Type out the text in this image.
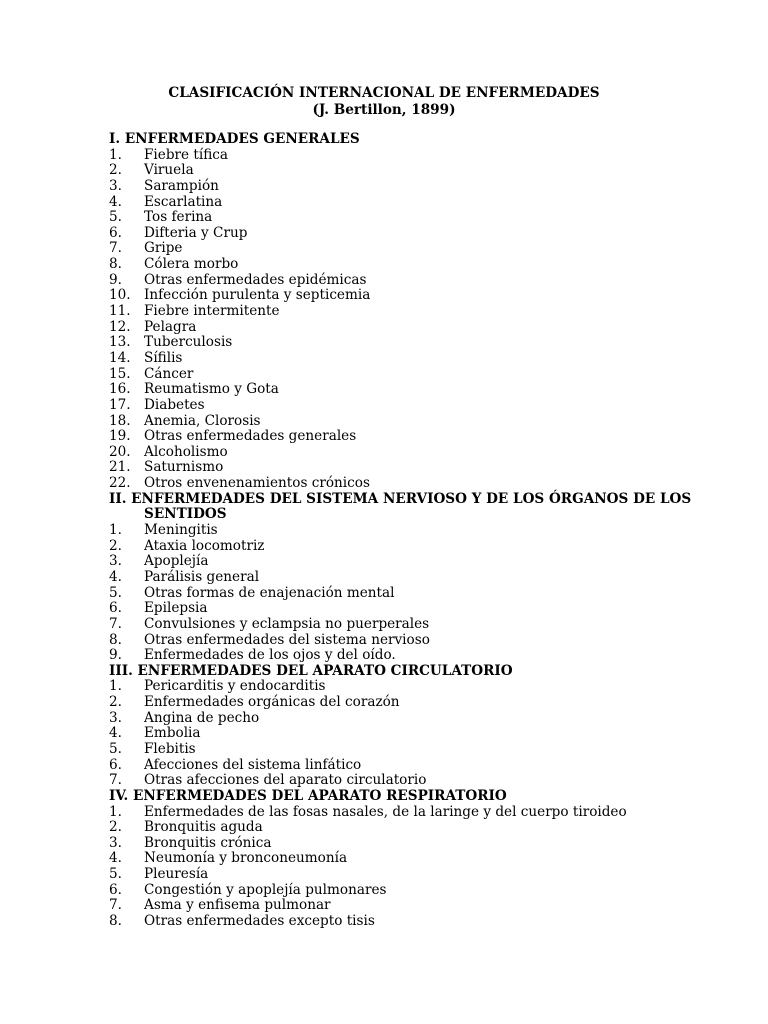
CLASIFICACIÓN INTERNACIONAL DE ENFERMEDADES
(J. Bertillon, 1899)
I. ENFERMEDADES GENERALES
1. Fiebre tífica
2. Viruela
3. Sarampión
4. Escarlatina
5. Tos ferina
6. Difteria y Crup
7. Gripe
8. Cólera morbo
9. Otras enfermedades epidémicas
10. Infección purulenta y septicemia
11. Fiebre intermitente
12. Pelagra
13. Tuberculosis
14. Sífilis
15. Cáncer
16. Reumatismo y Gota
17. Diabetes
18. Anemia, Clorosis
19. Otras enfermedades generales
20. Alcoholismo
21. Saturnismo
22. Otros envenenamientos crónicos
II. ENFERMEDADES DEL SISTEMA NERVIOSO Y DE LOS ÓRGANOS DE LOS
SENTIDOS
1. Meningitis
2. Ataxia locomotriz
3. Apoplejía
4. Parálisis general
5. Otras formas de enajenación mental
6. Epilepsia
7. Convulsiones y eclampsia no puerperales
8. Otras enfermedades del sistema nervioso
9. Enfermedades de los ojos y del oído.
III. ENFERMEDADES DEL APARATO CIRCULATORIO
1. Pericarditis y endocarditis
2. Enfermedades orgánicas del corazón
3. Angina de pecho
4. Embolia
5. Flebitis
6. Afecciones del sistema linfático
7. Otras afecciones del aparato circulatorio
IV. ENFERMEDADES DEL APARATO RESPIRATORIO
1. Enfermedades de las fosas nasales, de la laringe y del cuerpo tiroideo
2. Bronquitis aguda
3. Bronquitis crónica
4. Neumonía y bronconeumonía
5. Pleuresía
6. Congestión y apoplejía pulmonares
7. Asma y enfisema pulmonar
8. Otras enfermedades excepto tisis
